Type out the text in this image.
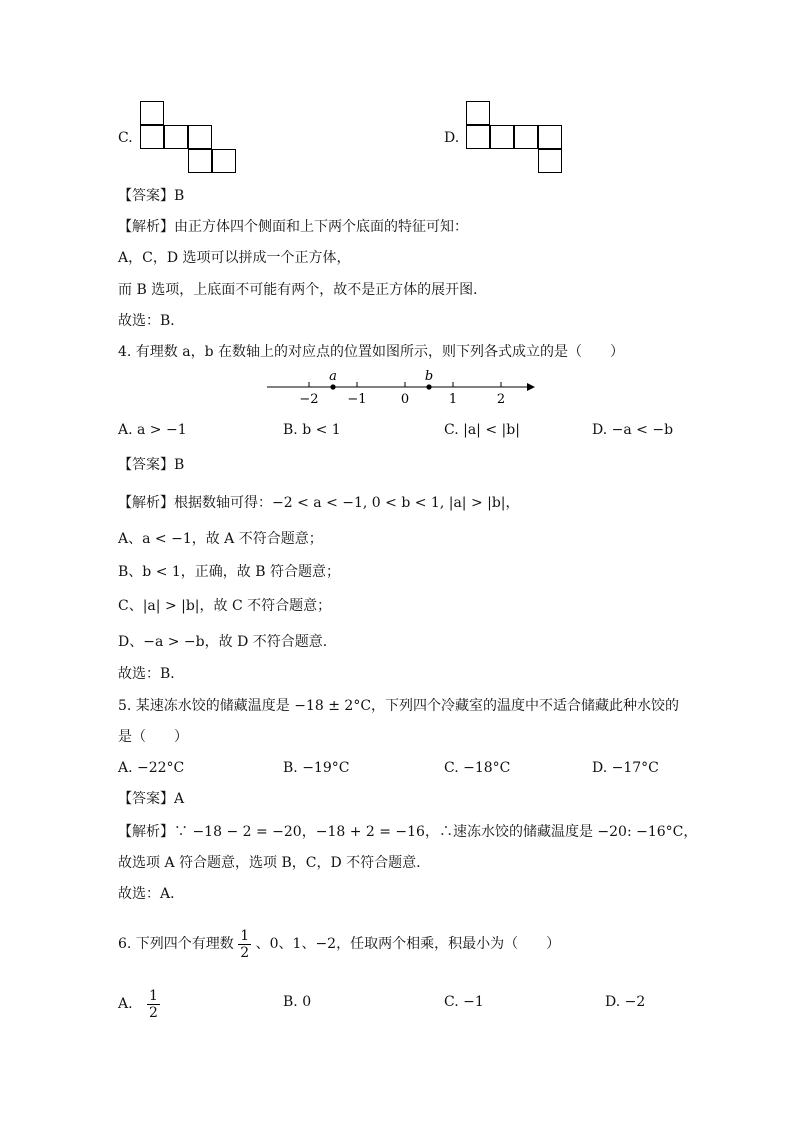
C.	D.
【答案】B
【解析】由正方体四个侧面和上下两个底面的特征可知：
A，C，D 选项可以拼成一个正方体，
而 B 选项，上底面不可能有两个，故不是正方体的展开图．
故选：B．
4. 有理数 a，b 在数轴上的对应点的位置如图所示，则下列各式成立的是（　　）
−2 −1	0	1	2
a	b
A. a > −1	B. b < 1	C. |a| < |b|	D. −a < −b
【答案】B
【解析】根据数轴可得：−2 < a < −1, 0 < b < 1, |a| > |b|，
A、a < −1，故 A 不符合题意；
B、b < 1，正确，故 B 符合题意；
C、|a| > |b|，故 C 不符合题意；
D、−a > −b，故 D 不符合题意.
故选：B．
5. 某速冻水饺的储藏温度是 −18 ± 2°C，下列四个冷藏室的温度中不适合储藏此种水饺的
是（　　）
A. −22°C	B. −19°C	C. −18°C	D. −17°C
【答案】A
【解析】∵ −18 − 2 = −20，−18 + 2 = −16，∴速冻水饺的储藏温度是 −20: −16°C，
故选项 A 符合题意，选项 B，C，D 不符合题意.
故选：A．
6. 下列四个有理数 $\frac{1}{2}$ 、0、1、−2，任取两个相乘，积最小为（　　）
A. $\frac{1}{2}$	B. 0	C. −1	D. −2
